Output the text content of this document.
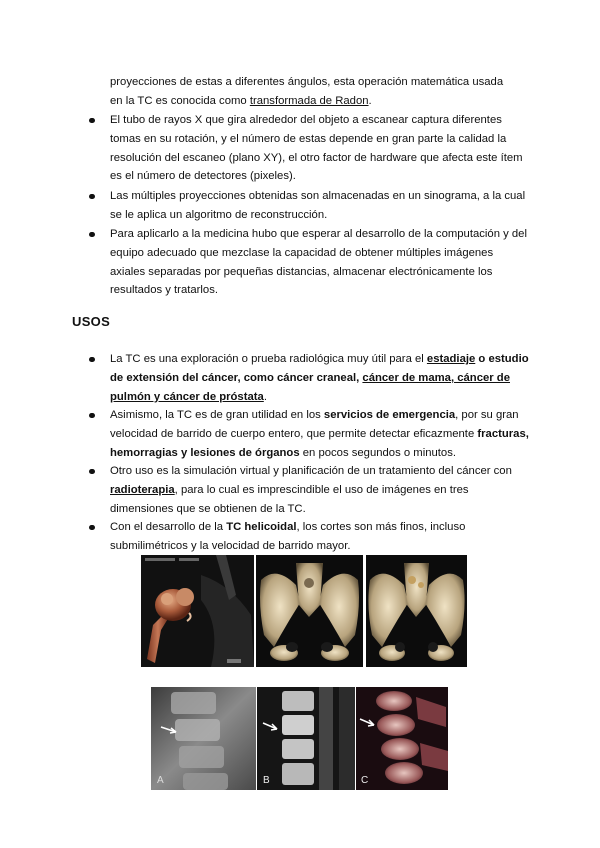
proyecciones de estas a diferentes ángulos, esta operación matemática usada
en la TC es conocida como transformada de Radon.
El tubo de rayos X que gira alrededor del objeto a escanear captura diferentes tomas en su rotación, y el número de estas depende en gran parte la calidad la resolución del escaneo (plano XY), el otro factor de hardware que afecta este ítem es el número de detectores (pixeles).
Las múltiples proyecciones obtenidas son almacenadas en un sinograma, a la cual se le aplica un algoritmo de reconstrucción.
Para aplicarlo a la medicina hubo que esperar al desarrollo de la computación y del equipo adecuado que mezclase la capacidad de obtener múltiples imágenes axiales separadas por pequeñas distancias, almacenar electrónicamente los resultados y tratarlos.
USOS
La TC es una exploración o prueba radiológica muy útil para el estadiaje o estudio de extensión del cáncer, como cáncer craneal, cáncer de mama, cáncer de pulmón y cáncer de próstata.
Asimismo, la TC es de gran utilidad en los servicios de emergencia, por su gran velocidad de barrido de cuerpo entero, que permite detectar eficazmente fracturas, hemorragias y lesiones de órganos en pocos segundos o minutos.
Otro uso es la simulación virtual y planificación de un tratamiento del cáncer con radioterapia, para lo cual es imprescindible el uso de imágenes en tres dimensiones que se obtienen de la TC.
Con el desarrollo de la TC helicoidal, los cortes son más finos, incluso submilimétricos y la velocidad de barrido mayor.
A	B	C
